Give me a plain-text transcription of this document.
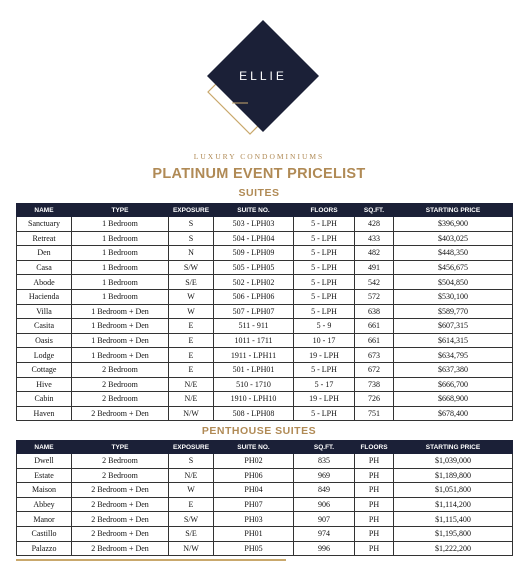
ELLIE
LUXURY CONDOMINIUMS
PLATINUM EVENT PRICELIST
SUITES
NAME	TYPE	EXPOSURE	SUITE NO.	FLOORS	SQ.FT.	STARTING PRICE
Sanctuary	1 Bedroom	S	503 - LPH03	5 - LPH	428	$396,900
Retreat	1 Bedroom	S	504 - LPH04	5 - LPH	433	$403,025
Den	1 Bedroom	N	509 - LPH09	5 - LPH	482	$448,350
Casa	1 Bedroom	S/W	505 - LPH05	5 - LPH	491	$456,675
Abode	1 Bedroom	S/E	502 - LPH02	5 - LPH	542	$504,850
Hacienda	1 Bedroom	W	506 - LPH06	5 - LPH	572	$530,100
Villa	1 Bedroom + Den	W	507 - LPH07	5 - LPH	638	$589,770
Casita	1 Bedroom + Den	E	511 - 911	5 - 9	661	$607,315
Oasis	1 Bedroom + Den	E	1011 - 1711	10 - 17	661	$614,315
Lodge	1 Bedroom + Den	E	1911 - LPH11	19 - LPH	673	$634,795
Cottage	2 Bedroom	E	501 - LPH01	5 - LPH	672	$637,380
Hive	2 Bedroom	N/E	510 - 1710	5 - 17	738	$666,700
Cabin	2 Bedroom	N/E	1910 - LPH10	19 - LPH	726	$668,900
Haven	2 Bedroom + Den	N/W	508 - LPH08	5 - LPH	751	$678,400
PENTHOUSE SUITES
NAME	TYPE	EXPOSURE	SUITE NO.	SQ.FT.	FLOORS	STARTING PRICE
Dwell	2 Bedroom	S	PH02	835	PH	$1,039,000
Estate	2 Bedroom	N/E	PH06	969	PH	$1,189,800
Maison	2 Bedroom + Den	W	PH04	849	PH	$1,051,800
Abbey	2 Bedroom + Den	E	PH07	906	PH	$1,114,200
Manor	2 Bedroom + Den	S/W	PH03	907	PH	$1,115,400
Castillo	2 Bedroom + Den	S/E	PH01	974	PH	$1,195,800
Palazzo	2 Bedroom + Den	N/W	PH05	996	PH	$1,222,200
